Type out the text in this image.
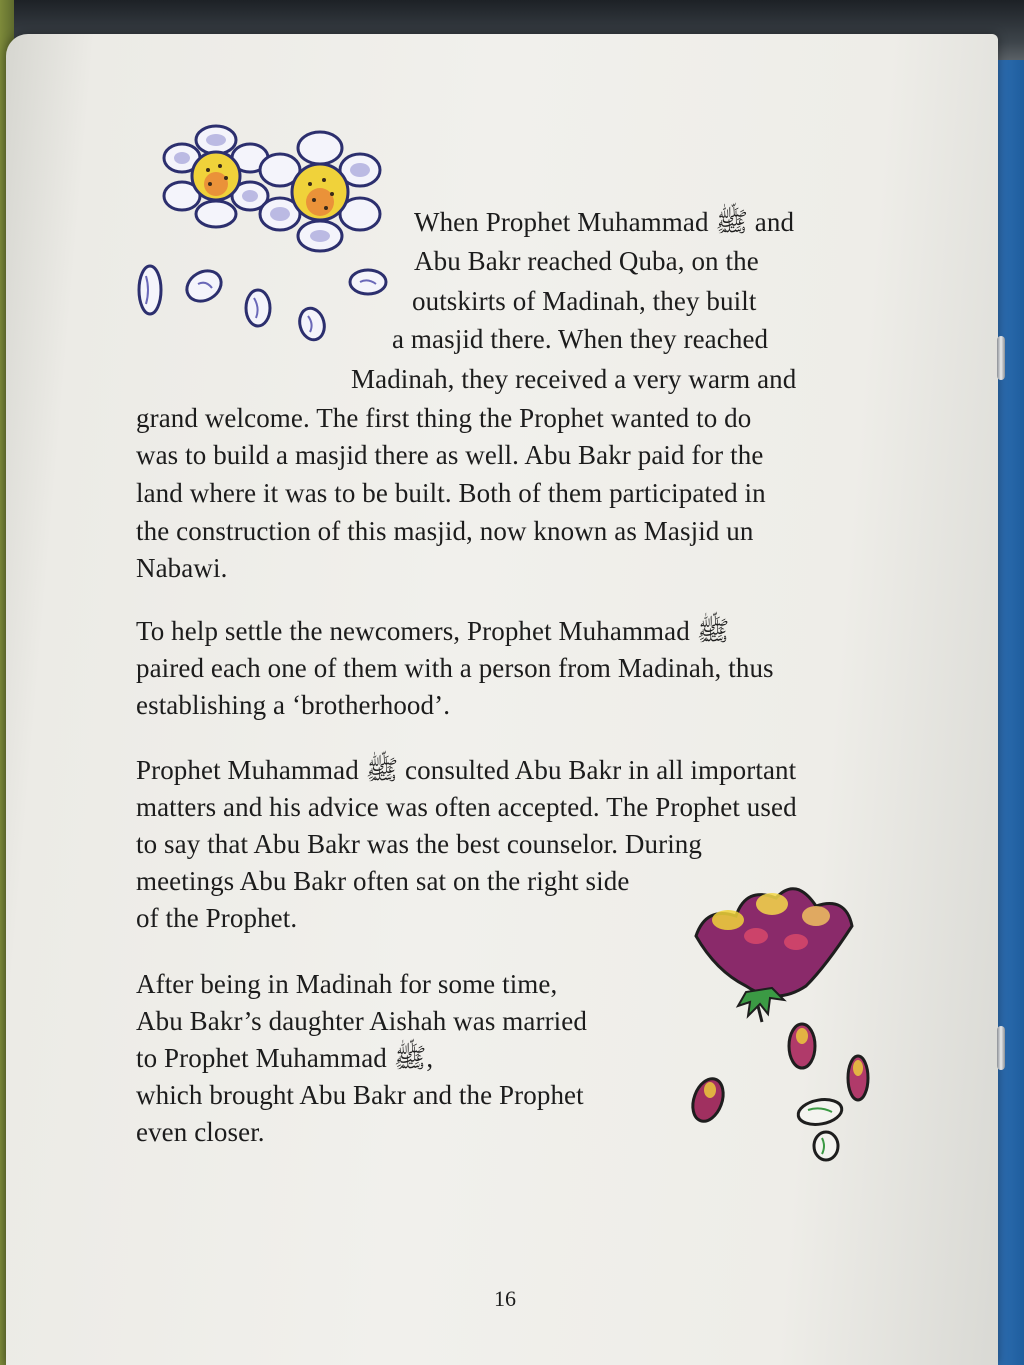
When Prophet Muhammad ﷺ and
Abu Bakr reached Quba, on the
outskirts of Madinah, they built
a masjid there. When they reached
Madinah, they received a very warm and
grand welcome. The first thing the Prophet wanted to do
was to build a masjid there as well. Abu Bakr paid for the
land where it was to be built. Both of them participated in
the construction of this masjid, now known as Masjid un
Nabawi.
To help settle the newcomers, Prophet Muhammad ﷺ
paired each one of them with a person from Madinah, thus
establishing a ‘brotherhood’.
Prophet Muhammad ﷺ consulted Abu Bakr in all important
matters and his advice was often accepted. The Prophet used
to say that Abu Bakr was the best counselor. During
meetings Abu Bakr often sat on the right side
of the Prophet.
After being in Madinah for some time,
Abu Bakr’s daughter Aishah was married
to Prophet Muhammad ﷺ,
which brought Abu Bakr and the Prophet
even closer.
16
